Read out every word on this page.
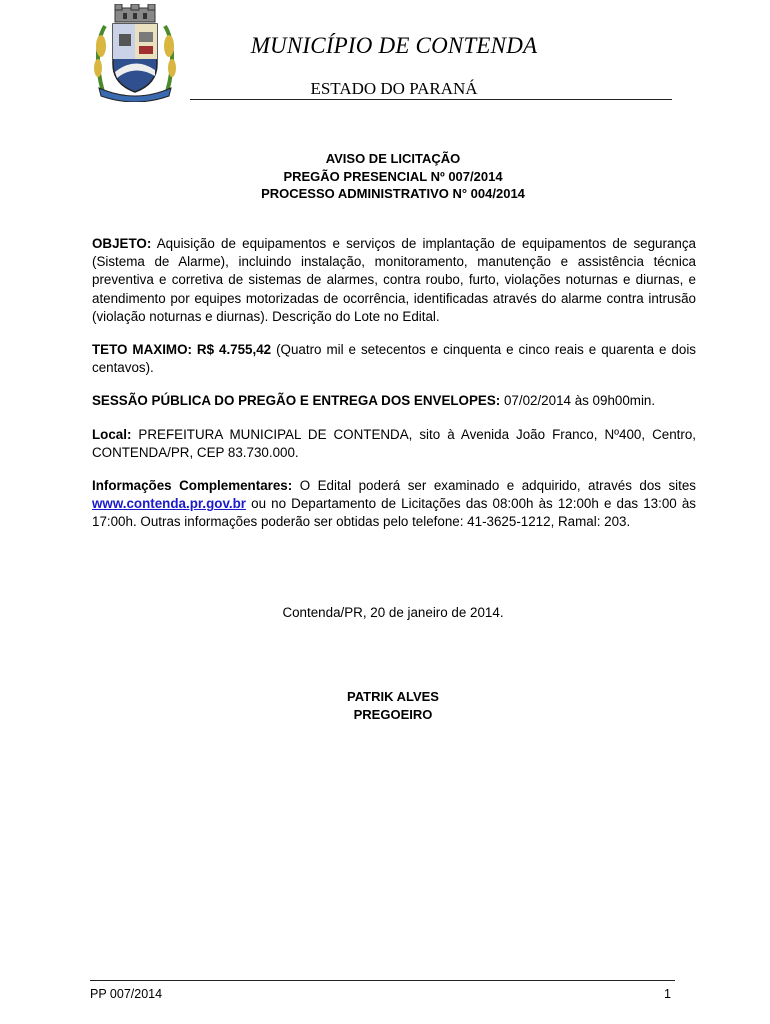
MUNICÍPIO DE CONTENDA
ESTADO DO PARANÁ
AVISO DE LICITAÇÃO
PREGÃO PRESENCIAL Nº 007/2014
PROCESSO ADMINISTRATIVO N° 004/2014

OBJETO: Aquisição de equipamentos e serviços de implantação de equipamentos de segurança (Sistema de Alarme), incluindo instalação, monitoramento, manutenção e assistência técnica preventiva e corretiva de sistemas de alarmes, contra roubo, furto, violações noturnas e diurnas, e atendimento por equipes motorizadas de ocorrência, identificadas através do alarme contra intrusão (violação noturnas e diurnas). Descrição do Lote no Edital.

TETO MAXIMO: R$ 4.755,42 (Quatro mil e setecentos e cinquenta e cinco reais e quarenta e dois centavos).

SESSÃO PÚBLICA DO PREGÃO E ENTREGA DOS ENVELOPES: 07/02/2014 às 09h00min.

Local: PREFEITURA MUNICIPAL DE CONTENDA, sito à Avenida João Franco, Nº400, Centro, CONTENDA/PR, CEP 83.730.000.

Informações Complementares: O Edital poderá ser examinado e adquirido, através dos sites www.contenda.pr.gov.br ou no Departamento de Licitações das 08:00h às 12:00h e das 13:00 às 17:00h. Outras informações poderão ser obtidas pelo telefone: 41-3625-1212, Ramal: 203.

Contenda/PR, 20 de janeiro de 2014.
PATRIK ALVES
PREGOEIRO
PP 007/2014	1
